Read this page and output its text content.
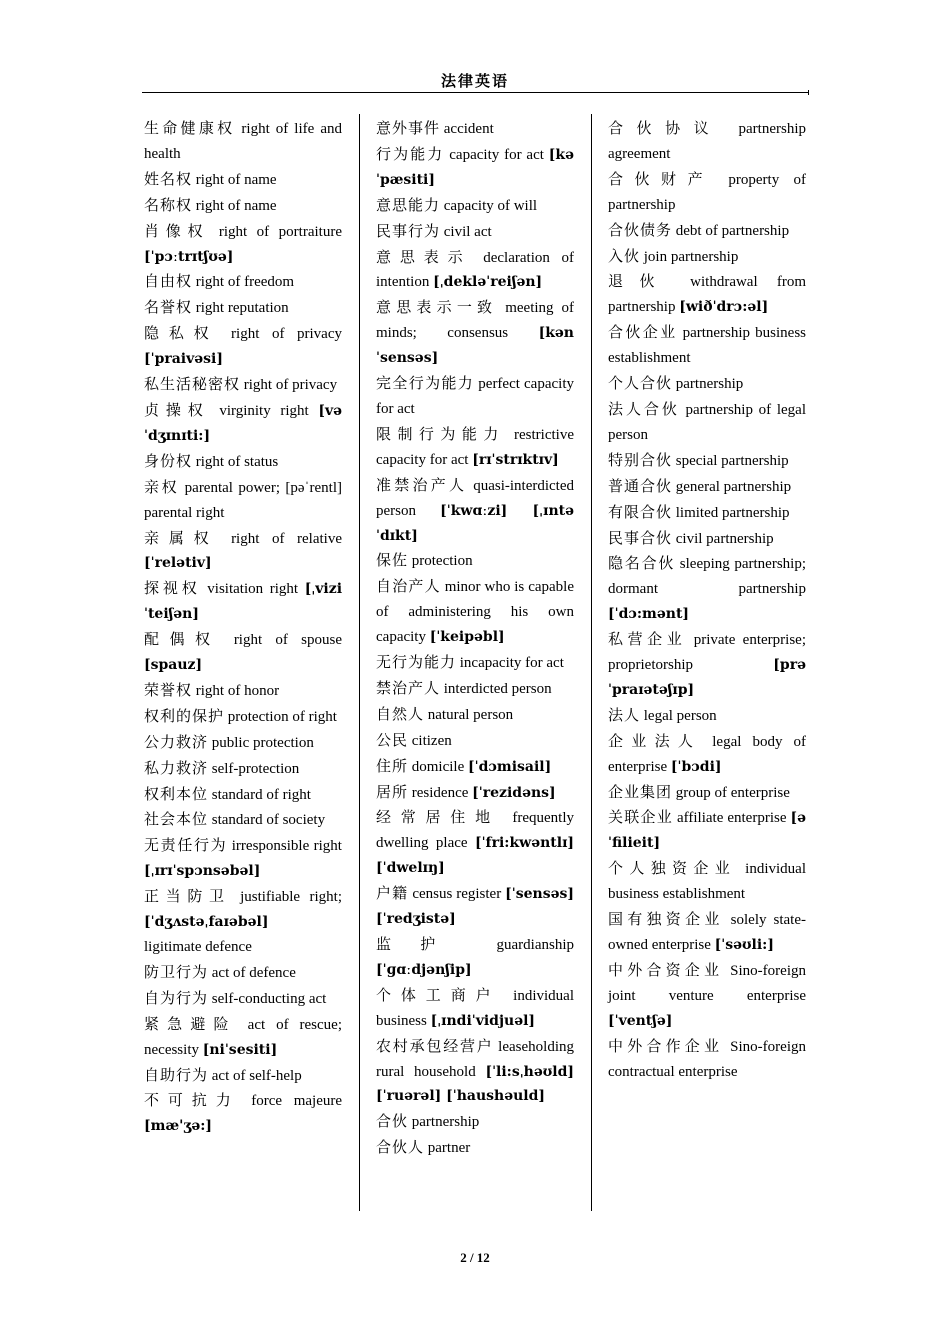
法律英语

生命健康权 right of life and health

姓名权 right of name

名称权 right of name

肖像权 right of portraiture [ˈpɔːtrɪtʃʊə]

自由权 right of freedom

名誉权 right reputation

隐私权 right of privacy [ˈpraivəsi]

私生活秘密权 right of privacy

贞操权 virginity right [vəˈdʒɪnɪti:]

身份权 right of status

亲权 parental power; [pəˈrentl] parental right

亲属权 right of relative [ˈrelətiv]

探视权 visitation right [ˌviziˈteiʃən]

配偶权 right of spouse [spauz]

荣誉权 right of honor

权利的保护 protection of right

公力救济 public protection

私力救济 self-protection

权利本位 standard of right

社会本位 standard of society

无责任行为 irresponsible right [ˌɪrɪˈspɔnsəbəl]

正当防卫 justifiable right; [ˈdʒʌstəˌfaɪəbəl]

ligitimate defence

防卫行为 act of defence

自为行为 self-conducting act

紧急避险 act of rescue; necessity [niˈsesiti]

自助行为 act of self-help

不可抗力 force majeure [mæ'ʒə:]

意外事件 accident

行为能力 capacity for act [kəˈpæsiti]

意思能力 capacity of will

民事行为 civil act

意思表示 declaration of intention [ˌdekləˈreiʃən]

意思表示一致 meeting of minds; consensus [kənˈsensəs]

完全行为能力 perfect capacity for act

限制行为能力 restrictive capacity for act [rɪˈstrɪktɪv]

准禁治产人 quasi-interdicted person [ˈkwɑːzi] [ˌɪntəˈdɪkt]

保佐 protection

自治产人 minor who is capable of administering his own capacity [ˈkeipəbl]

无行为能力 incapacity for act

禁治产人 interdicted person

自然人 natural person

公民 citizen

住所 domicile [ˈdɔmisail]

居所 residence [ˈrezidəns]

经常居住地 frequently dwelling place [ˈfri:kwəntlɪ] [ˈdwelɪŋ]

户籍 census register [ˈsensəs] [ˈredʒistə]

监护 guardianship [ˈɡɑːdjənʃip]

个体工商户 individual business [ˌɪndiˈvidjuəl]

农村承包经营户 leaseholding rural household [ˈli:sˌhəʊld] [ˈruərəl] [ˈhaushəuld]

合伙 partnership

合伙人 partner

合伙协议 partnership agreement

合伙财产 property of partnership

合伙债务 debt of partnership

入伙 join partnership

退伙 withdrawal from partnership [wiðˈdrɔ:əl]

合伙企业 partnership business establishment

个人合伙 partnership

法人合伙 partnership of legal person

特别合伙 special partnership

普通合伙 general partnership

有限合伙 limited partnership

民事合伙 civil partnership

隐名合伙 sleeping partnership; dormant partnership [ˈdɔ:mənt]

私营企业 private enterprise; proprietorship	[prəˈpraɪətəʃɪp]

法人 legal person

企业法人 legal body of enterprise [ˈbɔdi]

企业集团 group of enterprise

关联企业 affiliate enterprise [əˈfilieit]

个人独资企业 individual business establishment

国有独资企业 solely state-owned enterprise [ˈsəʊli:]

中外合资企业 Sino-foreign joint venture enterprise [ˈventʃə]

中外合作企业 Sino-foreign contractual enterprise

2 / 12
